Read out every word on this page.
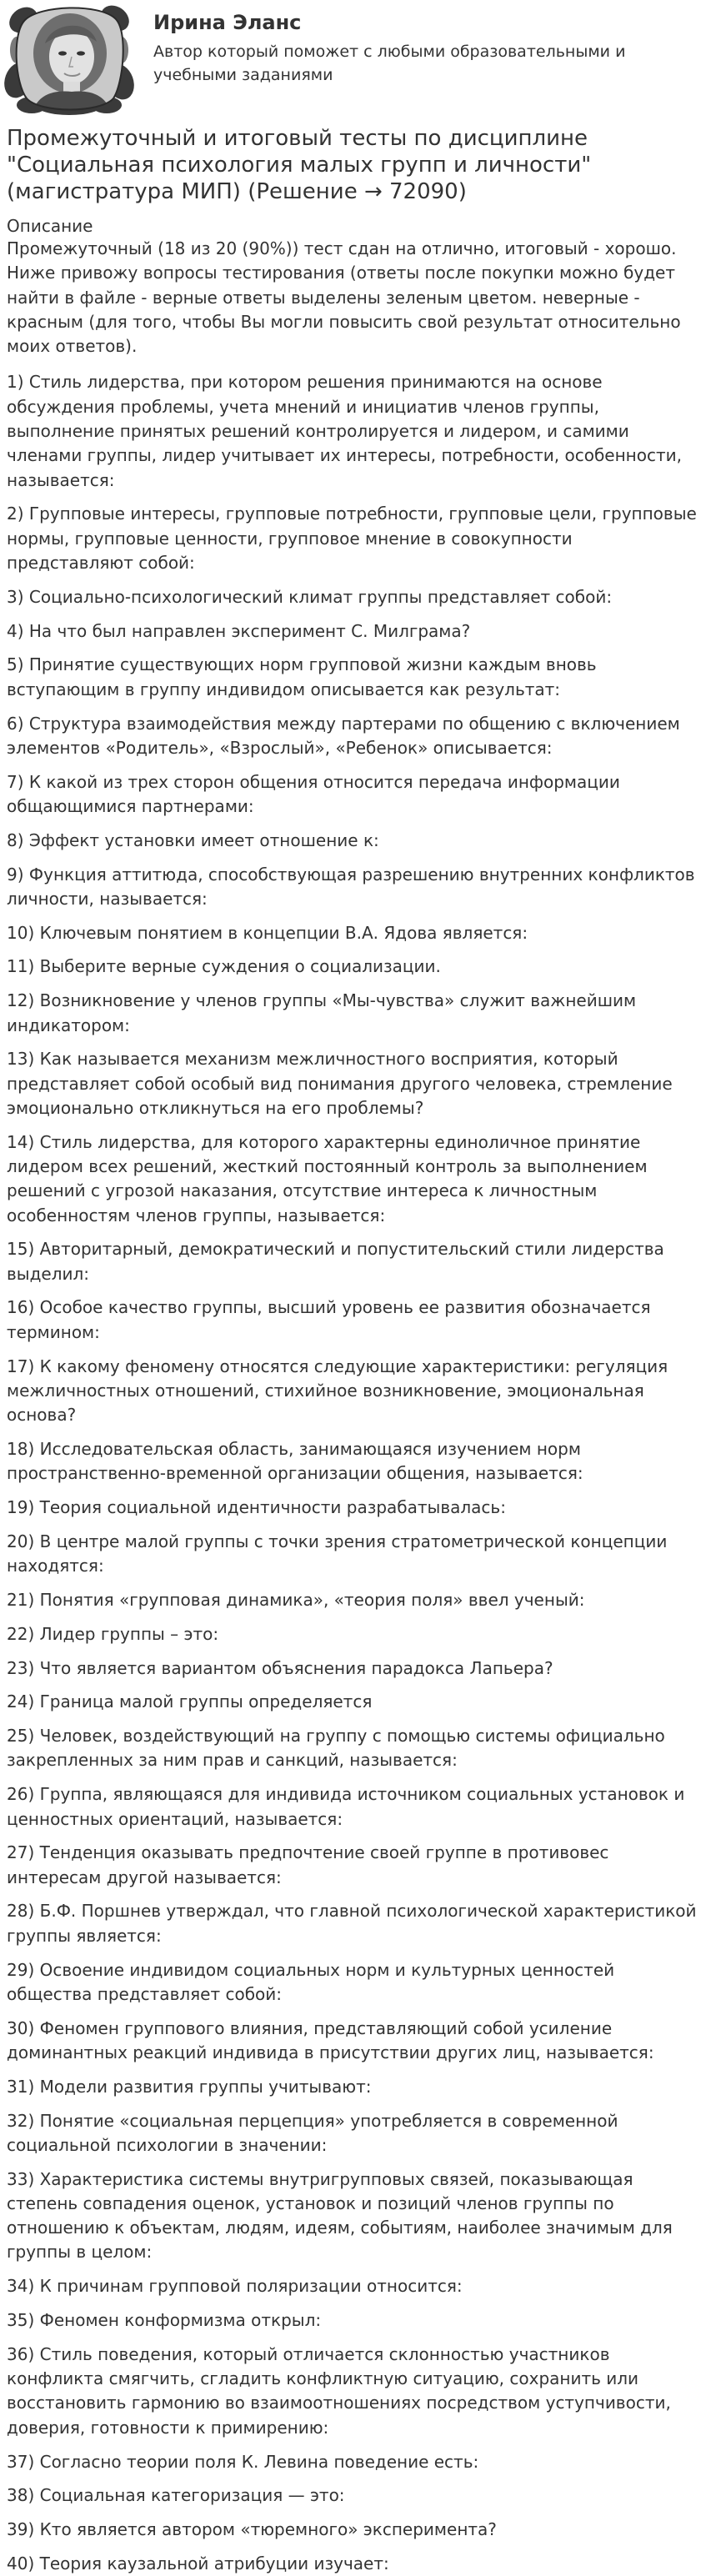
Ирина Эланс

Автор который поможет с любыми образовательными и учебными заданиями

Промежуточный и итоговый тесты по дисциплине "Социальная психология малых групп и личности" (магистратура МИП) (Решение → 72090)
Описание

Промежуточный (18 из 20 (90%)) тест сдан на отлично, итоговый - хорошо. Ниже привожу вопросы тестирования (ответы после покупки можно будет найти в файле - верные ответы выделены зеленым цветом. неверные - красным (для того, чтобы Вы могли повысить свой результат относительно моих ответов).

1) Стиль лидерства, при котором решения принимаются на основе обсуждения проблемы, учета мнений и инициатив членов группы, выполнение принятых решений контролируется и лидером, и самими членами группы, лидер учитывает их интересы, потребности, особенности, называется:

2) Групповые интересы, групповые потребности, групповые цели, групповые нормы, групповые ценности, групповое мнение в совокупности представляют собой:

3) Социально-психологический климат группы представляет собой:

4) На что был направлен эксперимент С. Милграма?

5) Принятие существующих норм групповой жизни каждым вновь вступающим в группу индивидом описывается как результат:

6) Структура взаимодействия между партерами по общению с включением элементов «Родитель», «Взрослый», «Ребенок» описывается:

7) К какой из трех сторон общения относится передача информации общающимися партнерами:

8) Эффект установки имеет отношение к:

9) Функция аттитюда, способствующая разрешению внутренних конфликтов личности, называется:

10) Ключевым понятием в концепции В.А. Ядова является:

11) Выберите верные суждения о социализации.

12) Возникновение у членов группы «Мы-чувства» служит важнейшим индикатором:

13) Как называется механизм межличностного восприятия, который представляет собой особый вид понимания другого человека, стремление эмоционально откликнуться на его проблемы?

14) Стиль лидерства, для которого характерны единоличное принятие лидером всех решений, жесткий постоянный контроль за выполнением решений с угрозой наказания, отсутствие интереса к личностным особенностям членов группы, называется:

15) Авторитарный, демократический и попустительский стили лидерства выделил:

16) Особое качество группы, высший уровень ее развития обозначается термином:

17) К какому феномену относятся следующие характеристики: регуляция межличностных отношений, стихийное возникновение, эмоциональная основа?

18) Исследовательская область, занимающаяся изучением норм пространственно-временной организации общения, называется:

19) Теория социальной идентичности разрабатывалась:

20) В центре малой группы с точки зрения стратометрической концепции находятся:

21) Понятия «групповая динамика», «теория поля» ввел ученый:

22) Лидер группы – это:

23) Что является вариантом объяснения парадокса Лапьера?

24) Граница малой группы определяется

25) Человек, воздействующий на группу с помощью системы официально закрепленных за ним прав и санкций, называется:

26) Группа, являющаяся для индивида источником социальных установок и ценностных ориентаций, называется:

27) Тенденция оказывать предпочтение своей группе в противовес интересам другой называется:

28) Б.Ф. Поршнев утверждал, что главной психологической характеристикой группы является:

29) Освоение индивидом социальных норм и культурных ценностей общества представляет собой:

30) Феномен группового влияния, представляющий собой усиление доминантных реакций индивида в присутствии других лиц, называется:

31) Модели развития группы учитывают:

32) Понятие «социальная перцепция» употребляется в современной социальной психологии в значении:

33) Характеристика системы внутригрупповых связей, показывающая степень совпадения оценок, установок и позиций членов группы по отношению к объектам, людям, идеям, событиям, наиболее значимым для группы в целом:

34) К причинам групповой поляризации относится:

35) Феномен конформизма открыл:

36) Стиль поведения, который отличается склонностью участников конфликта смягчить, сгладить конфликтную ситуацию, сохранить или восстановить гармонию во взаимоотношениях посредством уступчивости, доверия, готовности к примирению:

37) Согласно теории поля К. Левина поведение есть:

38) Социальная категоризация — это:

39) Кто является автором «тюремного» эксперимента?

40) Теория каузальной атрибуции изучает:
